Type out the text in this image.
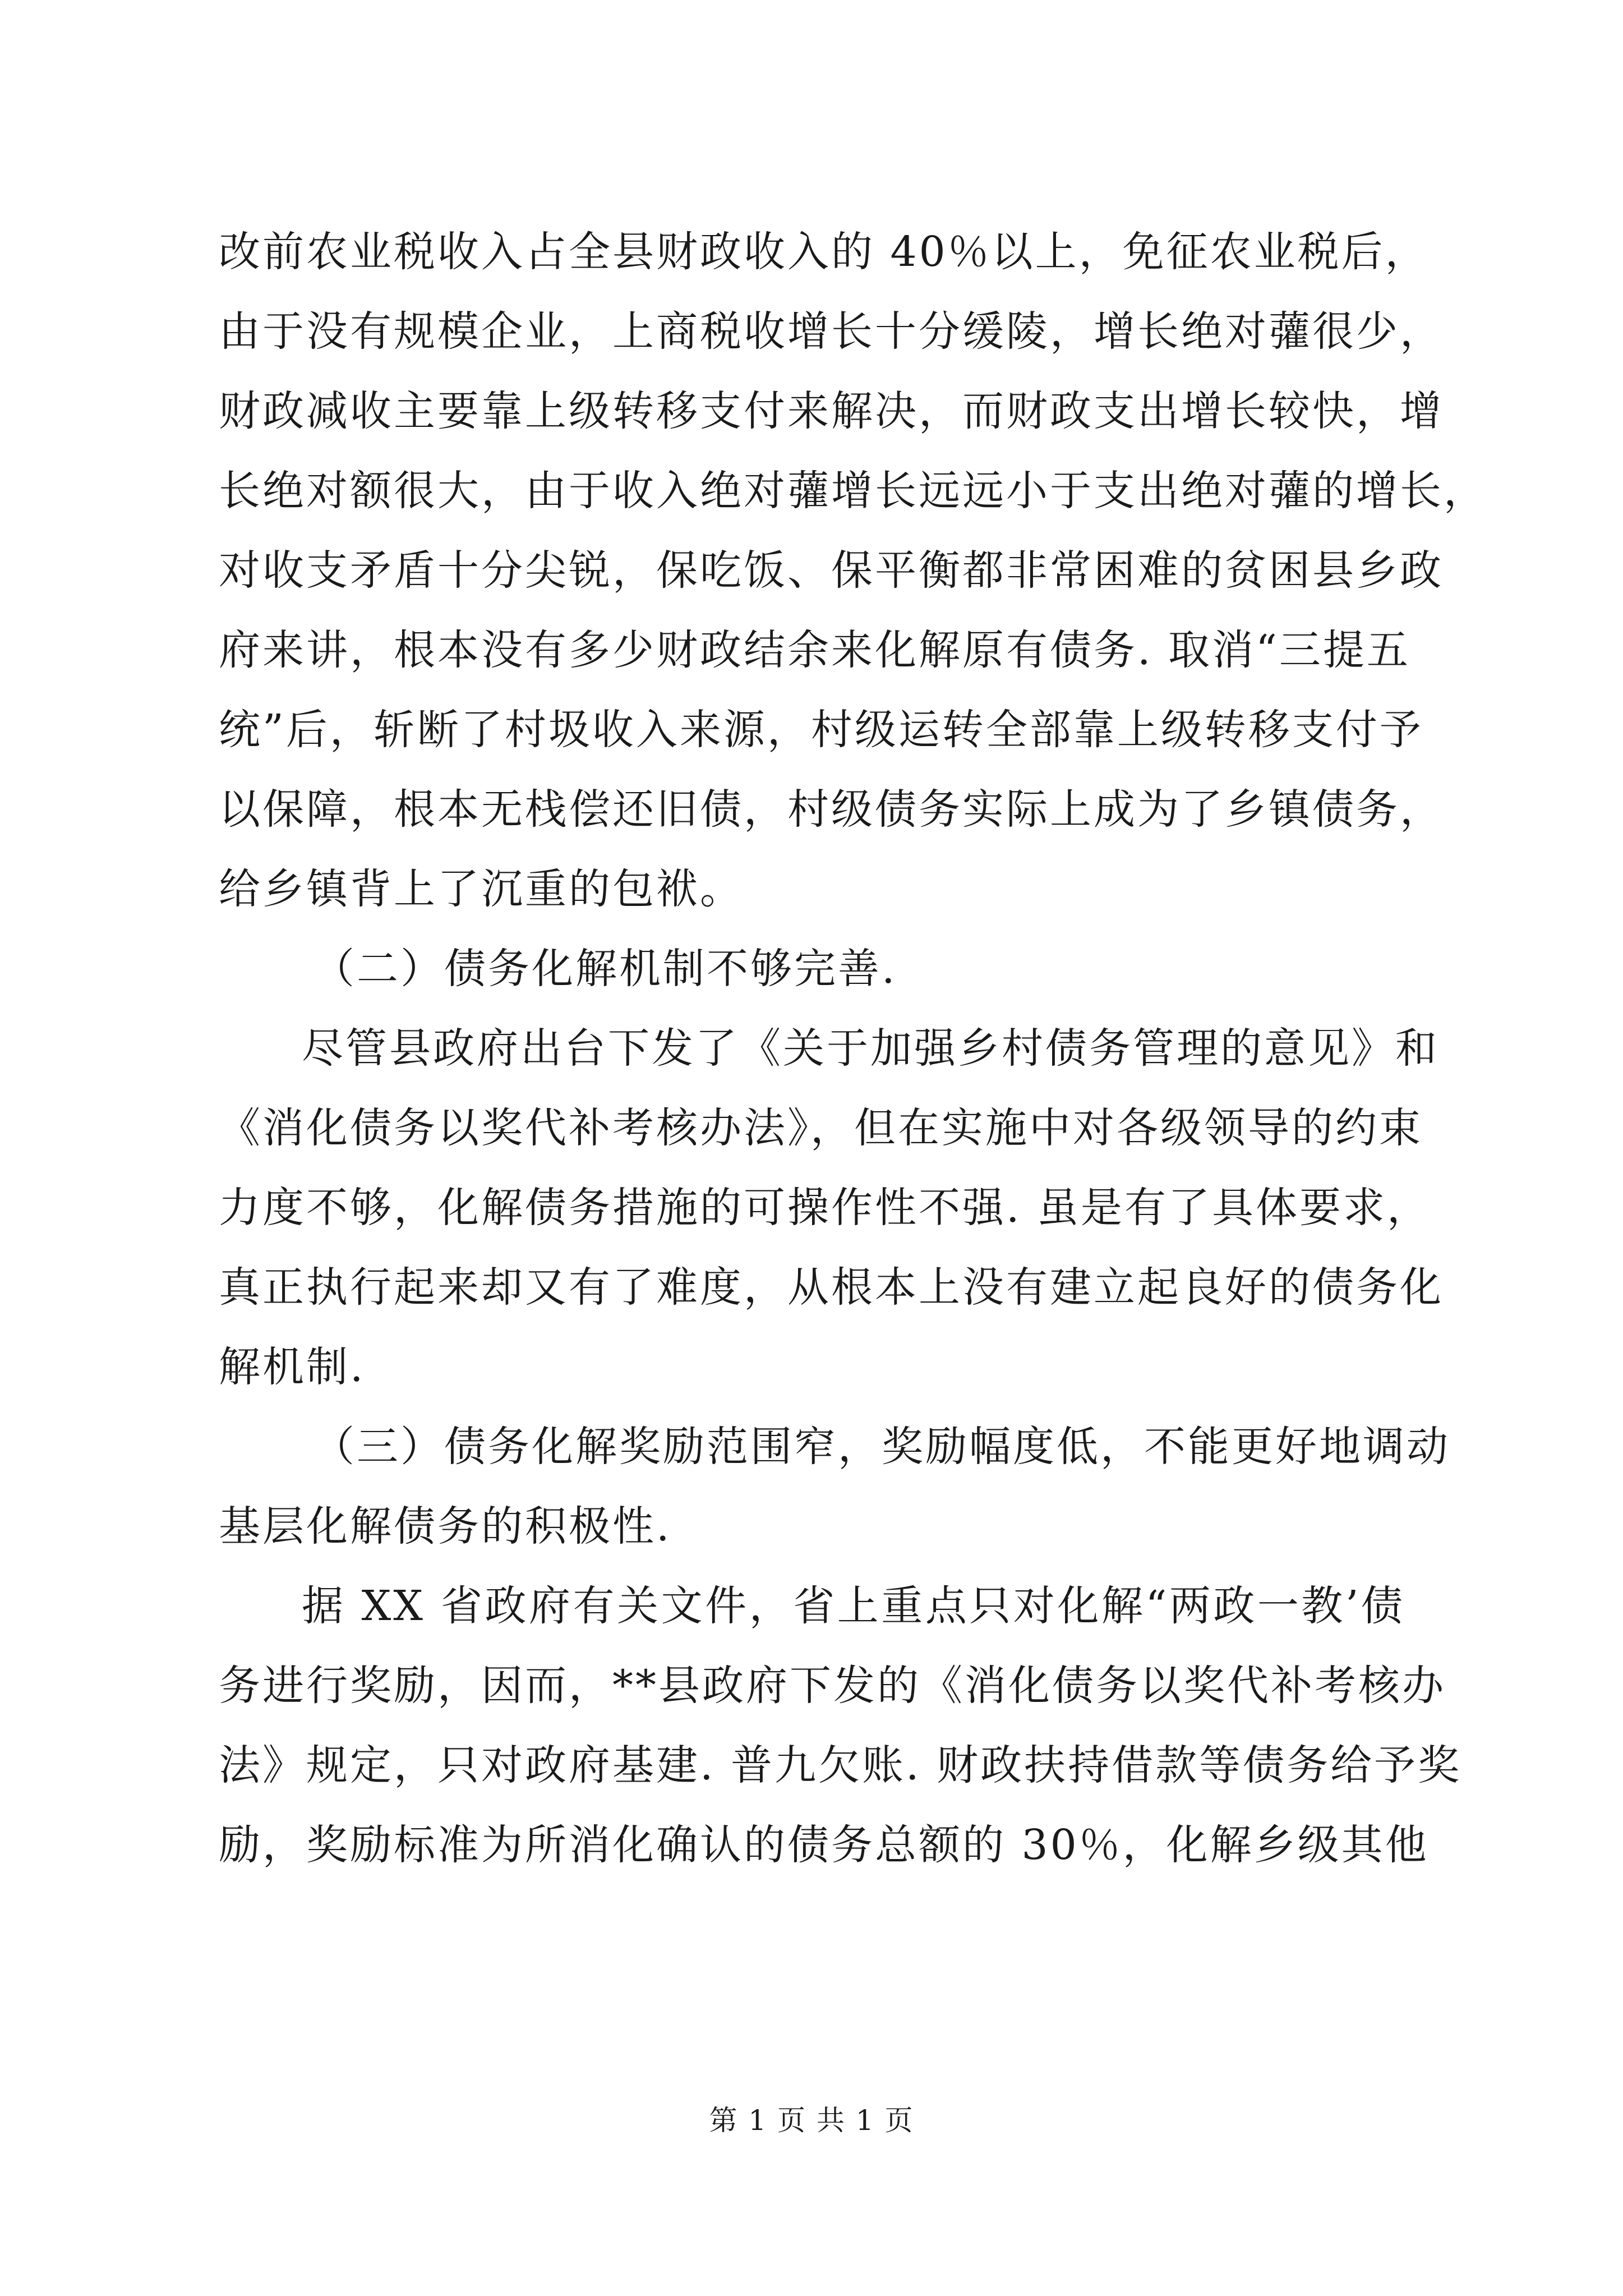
改前农业税收入占全县财政收入的 40％以上，免征农业税后，
由于没有规模企业，上商税收增长十分缓陵，增长绝对虇很少，
财政减收主要靠上级转移支付来解决，而财政支出增长较快，增
长绝对额很大，由于收入绝对虇增长远远小于支出绝对虇的增长，
对收支矛盾十分尖锐，保吃饭、保平衡都非常困难的贫困县乡政
府来讲，根本没有多少财政结余来化解原有债务. 取消“三提五
统”后，斩断了村圾收入来源，村级运转全部靠上级转移支付予
以保障，根本无栈偿还旧债，村级债务实际上成为了乡镇债务，
给乡镇背上了沉重的包袱。
（二）债务化解机制不够完善.
尽管县政府出台下发了《关于加强乡村债务管理的意见》和
《消化债务以奖代补考核办法》，但在实施中对各级领导的约束
力度不够，化解债务措施的可操作性不强. 虽是有了具体要求，
真正执行起来却又有了难度，从根本上没有建立起良好的债务化
解机制.
（三）债务化解奖励范围窄，奖励幅度低，不能更好地调动
基层化解债务的积极性.
据 XX 省政府有关文件，省上重点只对化解“两政一教’债
务进行奖励，因而，**县政府下发的《消化债务以奖代补考核办
法》规定，只对政府基建. 普九欠账. 财政扶持借款等债务给予奖
励，奖励标准为所消化确认的债务总额的 30％，化解乡级其他
第 1 页 共 1 页
